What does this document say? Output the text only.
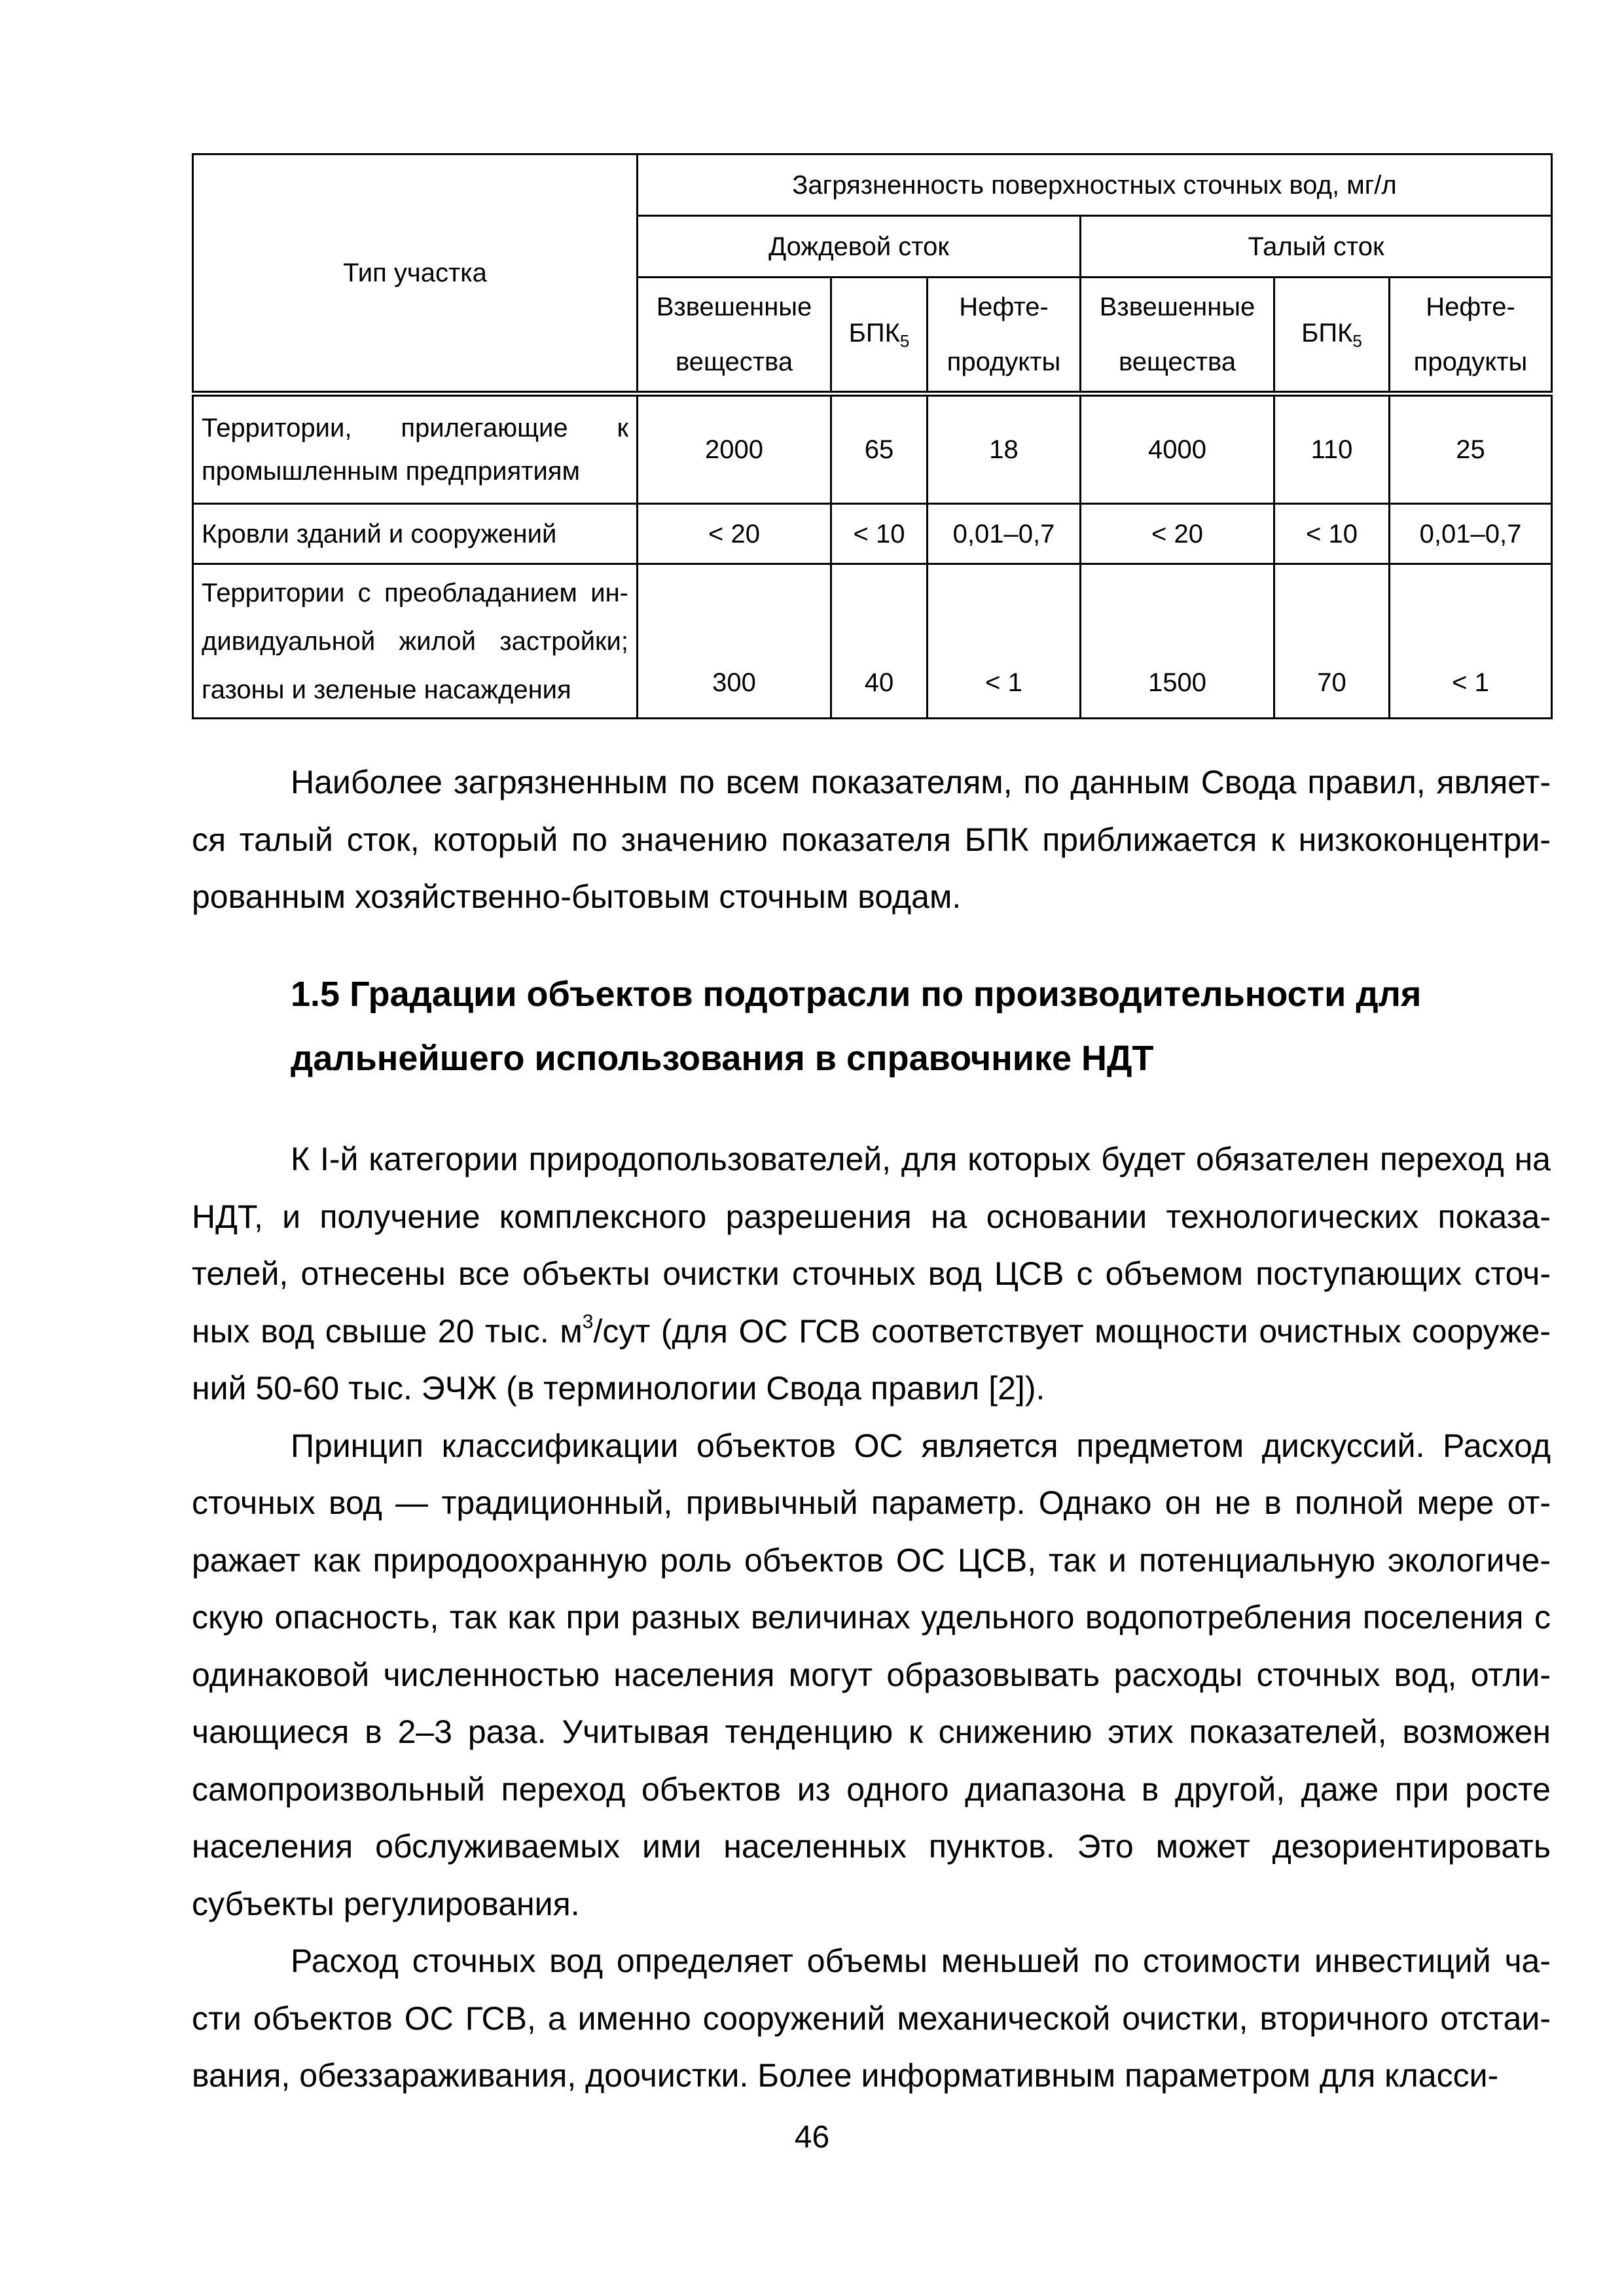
Тип участка	Загрязненность поверхностных сточных вод, мг/л					
	Дождевой сток			Талый сток		
	Взвешенные вещества	$БПК_5$	Нефте-продукты	Взвешенные вещества	$БПК_5$	Нефте-продукты
Территории, прилегающие к промышленным предприятиям	2000	65	18	4000	110	25
Кровли зданий и сооружений	< 20	< 10	0,01–0,7	< 20	< 10	0,01–0,7
Территории с преобладанием ин-дивидуальной жилой застройки; газоны и зеленые насаждения	300	40	< 1	1500	70	< 1

Наиболее загрязненным по всем показателям, по данным Свода правил, являет-ся талый сток, который по значению показателя БПК приближается к низкоконцентри-рованным хозяйственно-бытовым сточным водам.

1.5 Градации объектов подотрасли по производительности для дальнейшего использования в справочнике НДТ

К I-й категории природопользователей, для которых будет обязателен переход на НДТ, и получение комплексного разрешения на основании технологических показа-телей, отнесены все объекты очистки сточных вод ЦСВ с объемом поступающих сточ-ных вод свыше 20 тыс. $м^3$/сут (для ОС ГСВ соответствует мощности очистных сооруже-ний 50-60 тыс. ЭЧЖ (в терминологии Свода правил [2]).

Принцип классификации объектов ОС является предметом дискуссий. Расход сточных вод — традиционный, привычный параметр. Однако он не в полной мере от-ражает как природоохранную роль объектов ОС ЦСВ, так и потенциальную экологиче-скую опасность, так как при разных величинах удельного водопотребления поселения с одинаковой численностью населения могут образовывать расходы сточных вод, отли-чающиеся в 2–3 раза. Учитывая тенденцию к снижению этих показателей, возможен самопроизвольный переход объектов из одного диапазона в другой, даже при росте населения обслуживаемых ими населенных пунктов. Это может дезориентировать субъекты регулирования.

Расход сточных вод определяет объемы меньшей по стоимости инвестиций ча-сти объектов ОС ГСВ, а именно сооружений механической очистки, вторичного отстаи-вания, обеззараживания, доочистки. Более информативным параметром для класси-

46
